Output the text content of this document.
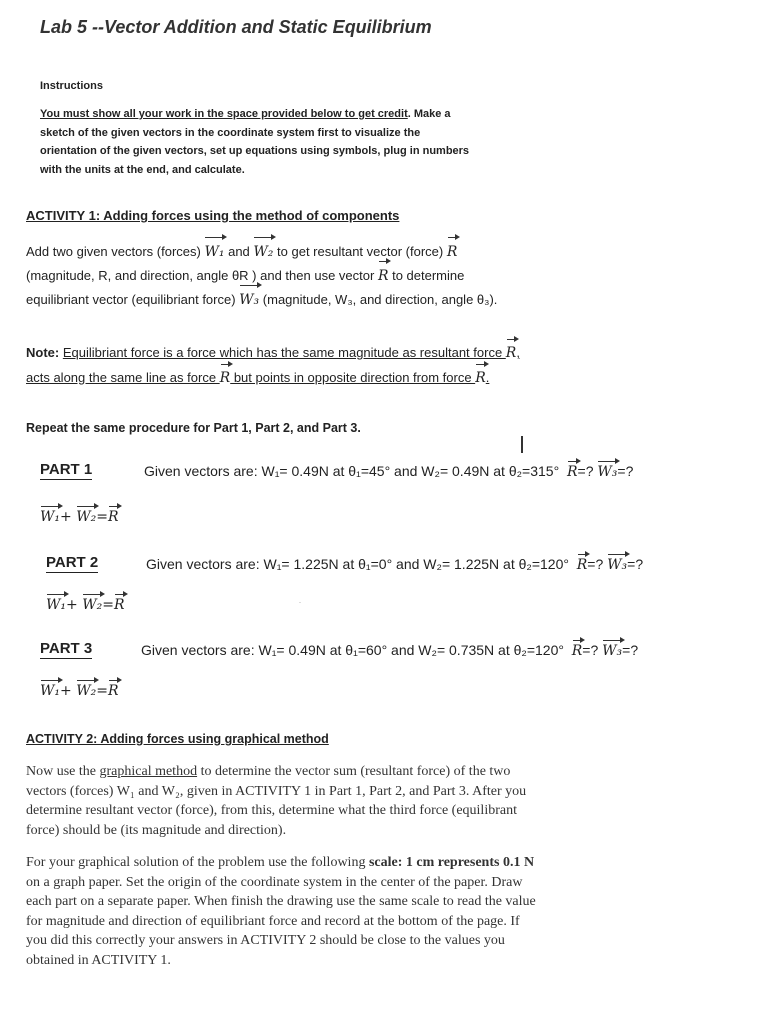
Lab 5 --Vector Addition and Static Equilibrium
Instructions
You must show all your work in the space provided below to get credit. Make a sketch of the given vectors in the coordinate system first to visualize the orientation of the given vectors, set up equations using symbols, plug in numbers with the units at the end, and calculate.
ACTIVITY 1: Adding forces using the method of components
Add two given vectors (forces) W₁ and W₂ to get resultant vector (force) R (magnitude, R, and direction, angle θR ) and then use vector R to determine equilibriant vector (equilibriant force) W₃ (magnitude, W₃, and direction, angle θ₃).
Note: Equilibriant force is a force which has the same magnitude as resultant force R, acts along the same line as force R but points in opposite direction from force R.
Repeat the same procedure for Part 1, Part 2, and Part 3.
PART 1	Given vectors are: W₁= 0.49N at θ₁=45° and W₂= 0.49N at θ₂=315° R=? W₃=?
W₁+ W₂=R
PART 2	Given vectors are: W₁= 1.225N at θ₁=0° and W₂= 1.225N at θ₂=120° R=? W₃=?
W₁+ W₂=R
PART 3	Given vectors are: W₁= 0.49N at θ₁=60° and W₂= 0.735N at θ₂=120° R=? W₃=?
W₁+ W₂=R
ACTIVITY 2: Adding forces using graphical method
Now use the graphical method to determine the vector sum (resultant force) of the two vectors (forces) W₁ and W₂, given in ACTIVITY 1 in Part 1, Part 2, and Part 3. After you determine resultant vector (force), from this, determine what the third force (equilibrant force) should be (its magnitude and direction).
For your graphical solution of the problem use the following scale: 1 cm represents 0.1 N on a graph paper. Set the origin of the coordinate system in the center of the paper. Draw each part on a separate paper. When finish the drawing use the same scale to read the value for magnitude and direction of equilibriant force and record at the bottom of the page. If you did this correctly your answers in ACTIVITY 2 should be close to the values you obtained in ACTIVITY 1.
